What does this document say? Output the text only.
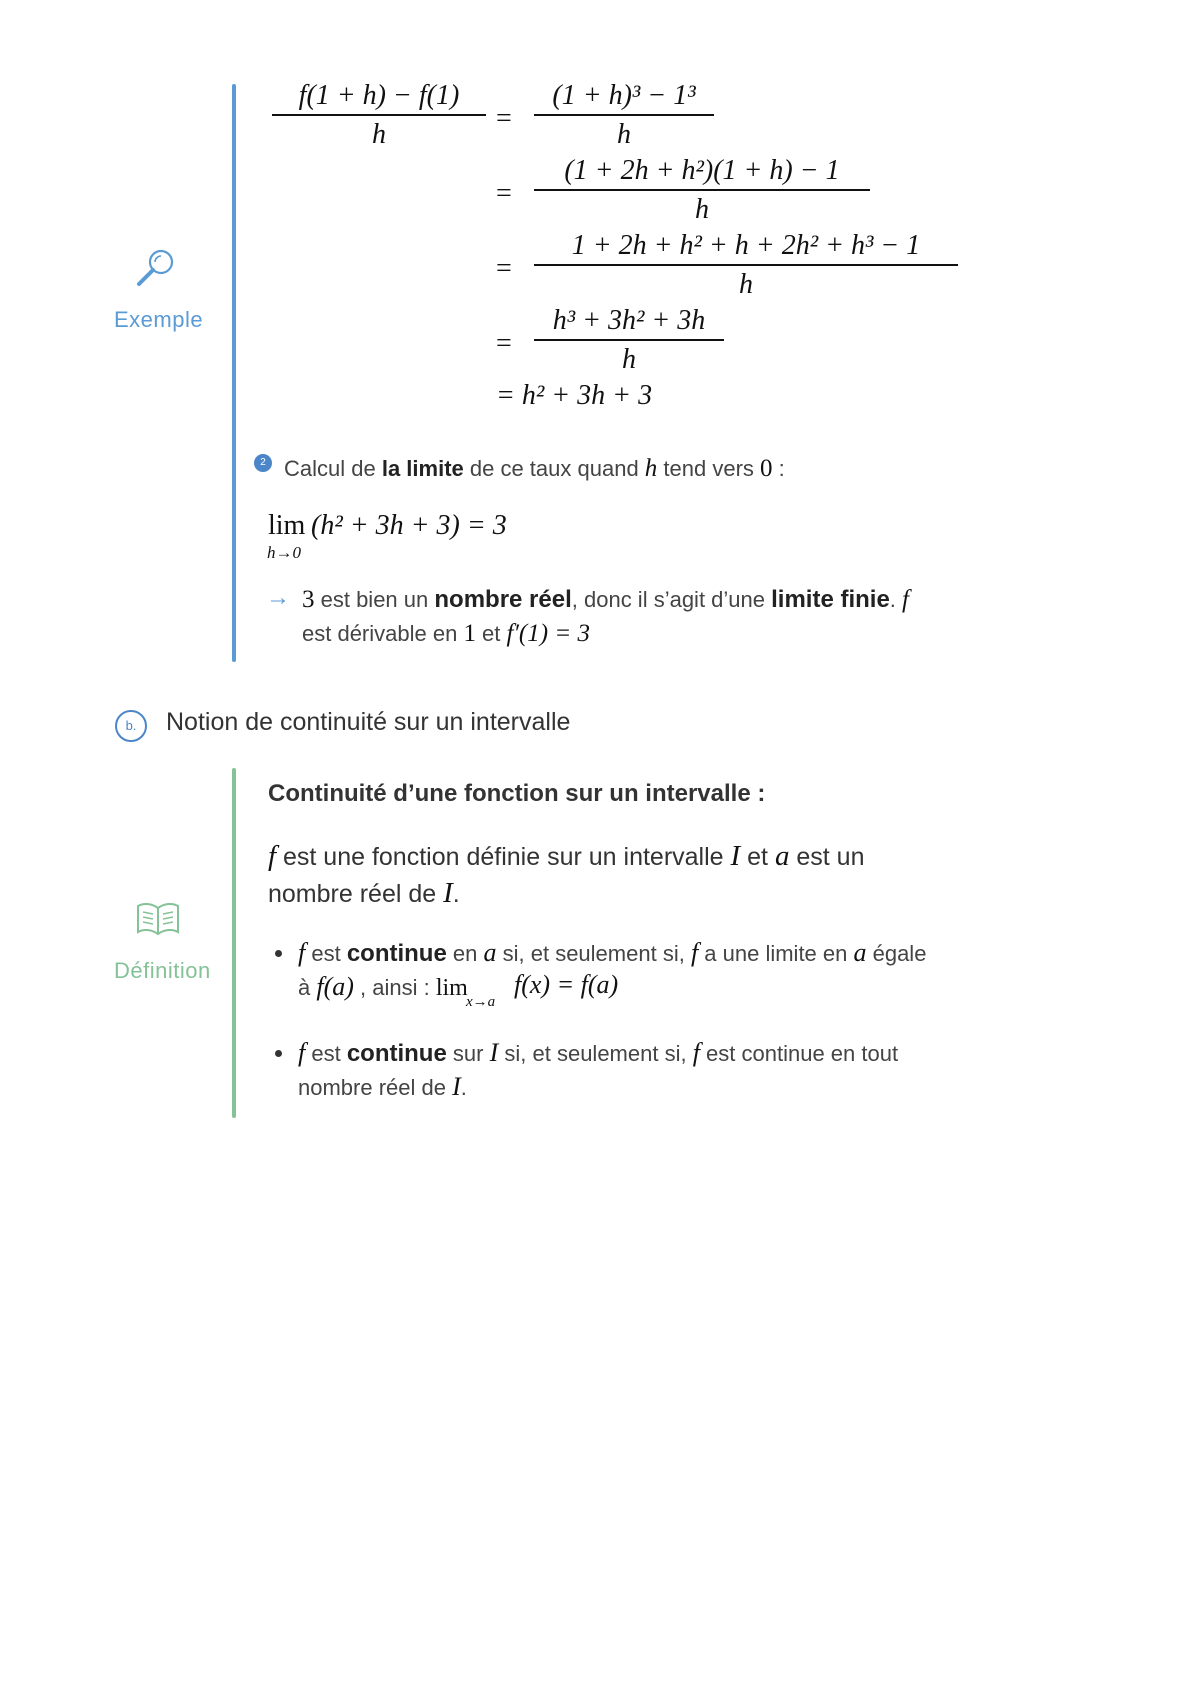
Exemple
f(1 + h) − f(1)
h	=
(1 + h)³ − 1³
h
=
(1 + 2h + h²)(1 + h) − 1
h
=
1 + 2h + h² + h + 2h² + h³ − 1
h
=
h³ + 3h² + 3h
h
= h² + 3h + 3
2 Calcul de la limite de ce taux quand h tend vers 0 :
lim
h→0
(h² + 3h + 3) = 3
→ 3 est bien un nombre réel, donc il s’agit d’une limite finie. f
est dérivable en 1 et f′(1) = 3
b.	Notion de continuité sur un intervalle
Définition
Continuité d’une fonction sur un intervalle :
f est une fonction définie sur un intervalle I et a est un
nombre réel de I.
f est continue en a si, et seulement si, f a une limite en a égale
à f(a) , ainsi : lim
x→a
f(x) = f(a)
f est continue sur I si, et seulement si, f est continue en tout
nombre réel de I.
